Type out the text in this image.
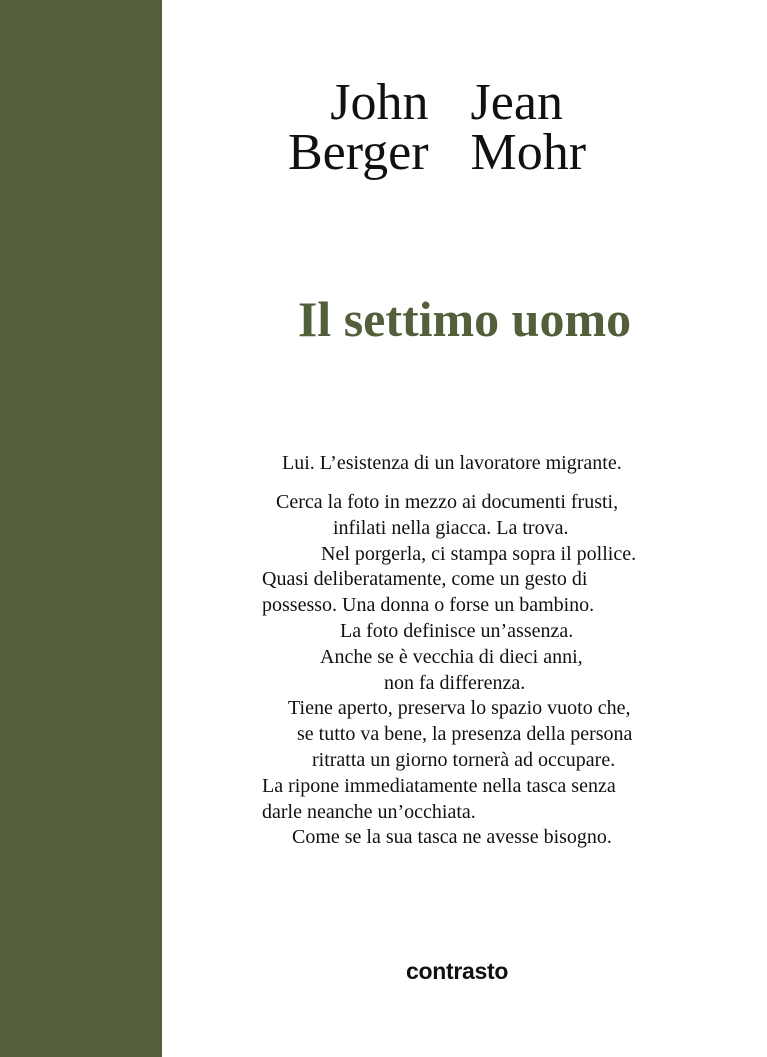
John
Berger
Jean
Mohr
Il settimo uomo
Lui. L’esistenza di un lavoratore migrante.
Cerca la foto in mezzo ai documenti frusti,
infilati nella giacca. La trova.
Nel porgerla, ci stampa sopra il pollice.
Quasi deliberatamente, come un gesto di
possesso. Una donna o forse un bambino.
La foto definisce un’assenza.
Anche se è vecchia di dieci anni,
non fa differenza.
Tiene aperto, preserva lo spazio vuoto che,
se tutto va bene, la presenza della persona
ritratta un giorno tornerà ad occupare.
La ripone immediatamente nella tasca senza
darle neanche un’occhiata.
Come se la sua tasca ne avesse bisogno.
contrasto
